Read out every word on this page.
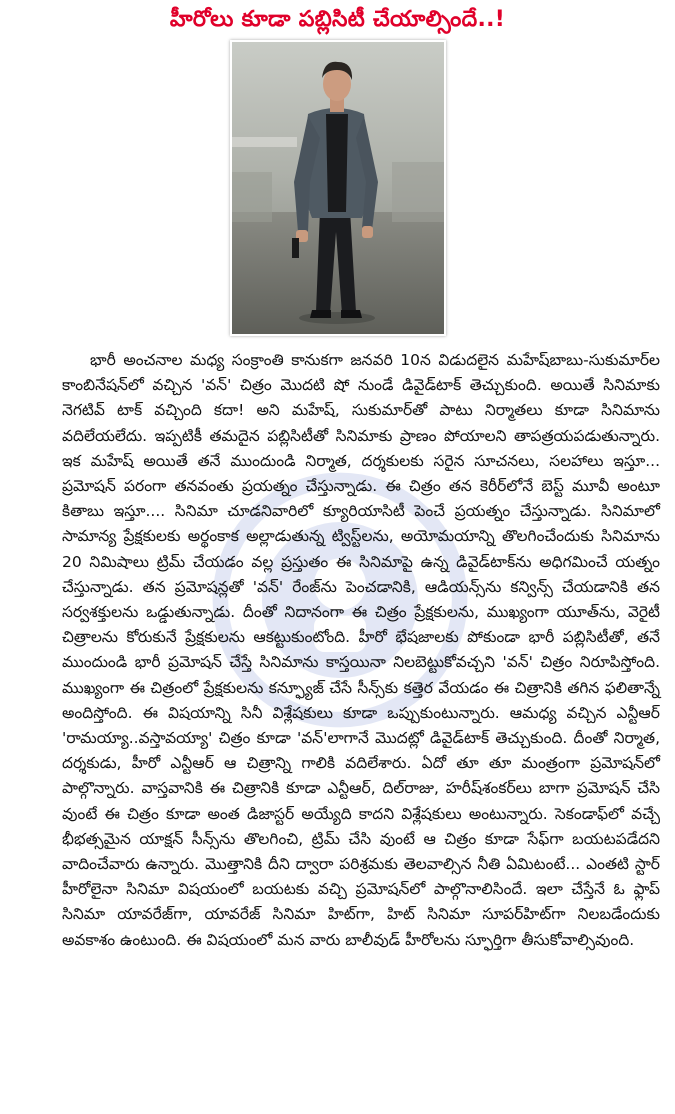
హీరోలు కూడా పబ్లిసిటీ చేయాల్సిందే..!

భారీ అంచనాల మధ్య సంక్రాంతి కానుకగా జనవరి 10న విడుదలైన మహేష్‌బాబు-సుకుమార్‌ల కాంబినేషన్‌లో వచ్చిన 'వన్' చిత్రం మొదటి షో నుండే డివైడ్‌టాక్ తెచ్చుకుంది. అయితే సినిమాకు నెగటివ్ టాక్ వచ్చింది కదా! అని మహేష్, సుకుమార్‌తో పాటు నిర్మాతలు కూడా సినిమాను వదిలేయలేదు. ఇప్పటికీ తమదైన పబ్లిసిటీతో సినిమాకు ప్రాణం పోయాలని తాపత్రయపడుతున్నారు. ఇక మహేష్ అయితే తనే ముందుండి నిర్మాత, దర్శకులకు సరైన సూచనలు, సలహాలు ఇస్తూ... ప్రమోషన్ పరంగా తనవంతు ప్రయత్నం చేస్తున్నాడు. ఈ చిత్రం తన కెరీర్‌లోనే బెస్ట్ మూవీ అంటూ కితాబు ఇస్తూ.... సినిమా చూడనివారిలో క్యూరియాసిటీ పెంచే ప్రయత్నం చేస్తున్నాడు. సినిమాలో సామాన్య ప్రేక్షకులకు అర్థంకాక అల్లాడుతున్న ట్విస్ట్‌లను, అయోమయాన్ని తొలగించేందుకు సినిమాను 20 నిమిషాలు ట్రిమ్ చేయడం వల్ల ప్రస్తుతం ఈ సినిమాపై ఉన్న డివైడ్‌టాక్‌ను అధిగమించే యత్నం చేస్తున్నాడు. తన ప్రమోషన్లతో 'వన్' రేంజ్‌ను పెంచడానికి, ఆడియన్స్‌ను కన్విన్స్ చేయడానికి తన సర్వశక్తులను ఒడ్డుతున్నాడు. దీంతో నిదానంగా ఈ చిత్రం ప్రేక్షకులను, ముఖ్యంగా యూత్‌ను, వెరైటీ చిత్రాలను కోరుకునే ప్రేక్షకులను ఆకట్టుకుంటోంది. హీరో భేషజాలకు పోకుండా భారీ పబ్లిసిటీతో, తనే ముందుండి భారీ ప్రమోషన్ చేస్తే సినిమాను కాస్తయినా నిలబెట్టుకోవచ్చని 'వన్' చిత్రం నిరూపిస్తోంది. ముఖ్యంగా ఈ చిత్రంలో ప్రేక్షకులను కన్ఫ్యూజ్ చేసే సీన్స్‌కు కత్తెర వేయడం ఈ చిత్రానికి తగిన ఫలితాన్నే అందిస్తోంది. ఈ విషయాన్ని సినీ విశ్లేషకులు కూడా ఒప్పుకుంటున్నారు. ఆమధ్య వచ్చిన ఎన్టీఆర్ 'రామయ్యా..వస్తావయ్యా' చిత్రం కూడా 'వన్'లాగానే మొదట్లో డివైడ్‌టాక్ తెచ్చుకుంది. దీంతో నిర్మాత, దర్శకుడు, హీరో ఎన్టీఆర్ ఆ చిత్రాన్ని గాలికి వదిలేశారు. ఏదో తూ తూ మంత్రంగా ప్రమోషన్‌లో పాల్గొన్నారు. వాస్తవానికి ఈ చిత్రానికి కూడా ఎన్టీఆర్, దిల్‌రాజు, హరీష్‌శంకర్‌లు బాగా ప్రమోషన్ చేసి వుంటే ఈ చిత్రం కూడా అంత డిజాస్టర్ అయ్యేది కాదని విశ్లేషకులు అంటున్నారు. సెకండాఫ్‌లో వచ్చే భీభత్సమైన యాక్షన్ సీన్స్‌ను తొలగించి, ట్రిమ్ చేసి వుంటే ఆ చిత్రం కూడా సేఫ్‌గా బయటపడేదని వాదించేవారు ఉన్నారు. మొత్తానికి దీని ద్వారా పరిశ్రమకు తెలవాల్సిన నీతి ఏమిటంటే... ఎంతటి స్టార్ హీరోలైనా సినిమా విషయంలో బయటకు వచ్చి ప్రమోషన్‌లో పాల్గొనాలిసిందే. ఇలా చేస్తేనే ఓ ఫ్లాప్ సినిమా యావరేజ్‌గా, యావరేజ్ సినిమా హిట్‌గా, హిట్ సినిమా సూపర్‌హిట్‌గా నిలబడేందుకు అవకాశం ఉంటుంది. ఈ విషయంలో మన వారు బాలీవుడ్ హీరోలను స్ఫూర్తిగా తీసుకోవాల్సివుంది.
